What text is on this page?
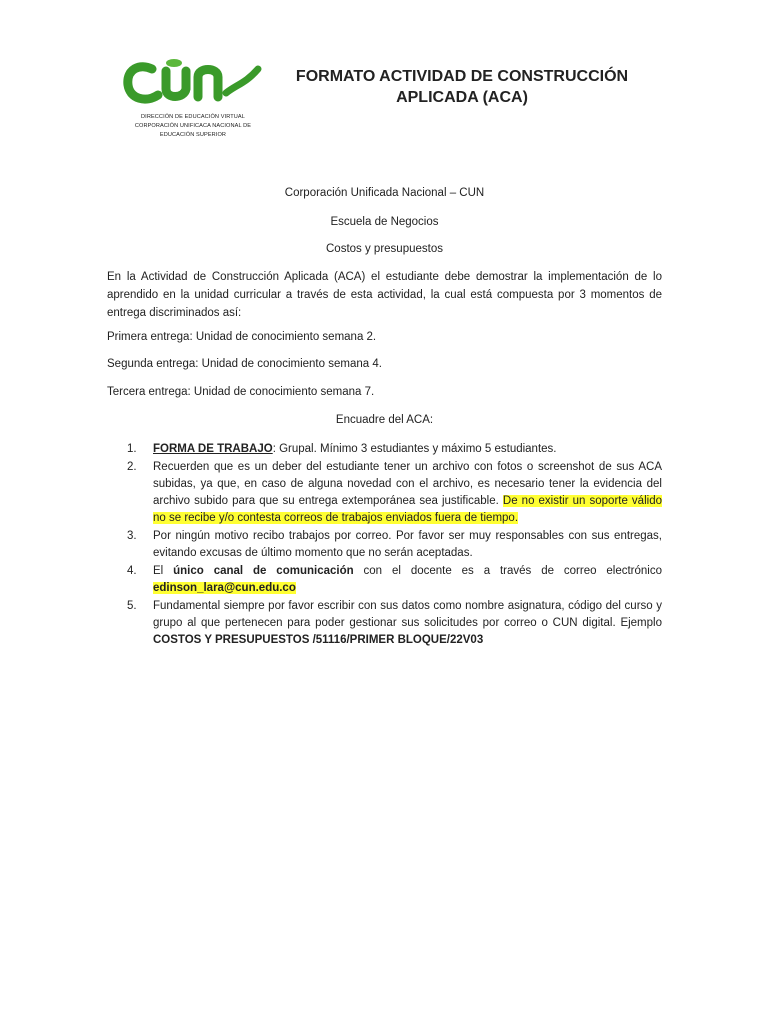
DIRECCIÓN DE EDUCACIÓN VIRTUAL
CORPORACIÓN UNIFICACA NACIONAL DE
EDUCACIÓN SUPERIOR
FORMATO ACTIVIDAD DE CONSTRUCCIÓN
APLICADA (ACA)
Corporación Unificada Nacional – CUN
Escuela de Negocios
Costos y presupuestos
En la Actividad de Construcción Aplicada (ACA) el estudiante debe demostrar la implementación de lo aprendido en la unidad curricular a través de esta actividad, la cual está compuesta por 3 momentos de entrega discriminados así:
Primera entrega: Unidad de conocimiento semana 2.
Segunda entrega: Unidad de conocimiento semana 4.
Tercera entrega: Unidad de conocimiento semana 7.
Encuadre del ACA:
1. FORMA DE TRABAJO: Grupal. Mínimo 3 estudiantes y máximo 5 estudiantes.
2. Recuerden que es un deber del estudiante tener un archivo con fotos o screenshot de sus ACA subidas, ya que, en caso de alguna novedad con el archivo, es necesario tener la evidencia del archivo subido para que su entrega extemporánea sea justificable. De no existir un soporte válido no se recibe y/o contesta correos de trabajos enviados fuera de tiempo.
3. Por ningún motivo recibo trabajos por correo. Por favor ser muy responsables con sus entregas, evitando excusas de último momento que no serán aceptadas.
4. El único canal de comunicación con el docente es a través de correo electrónico edinson_lara@cun.edu.co
5. Fundamental siempre por favor escribir con sus datos como nombre asignatura, código del curso y grupo al que pertenecen para poder gestionar sus solicitudes por correo o CUN digital. Ejemplo COSTOS Y PRESUPUESTOS /51116/PRIMER BLOQUE/22V03
